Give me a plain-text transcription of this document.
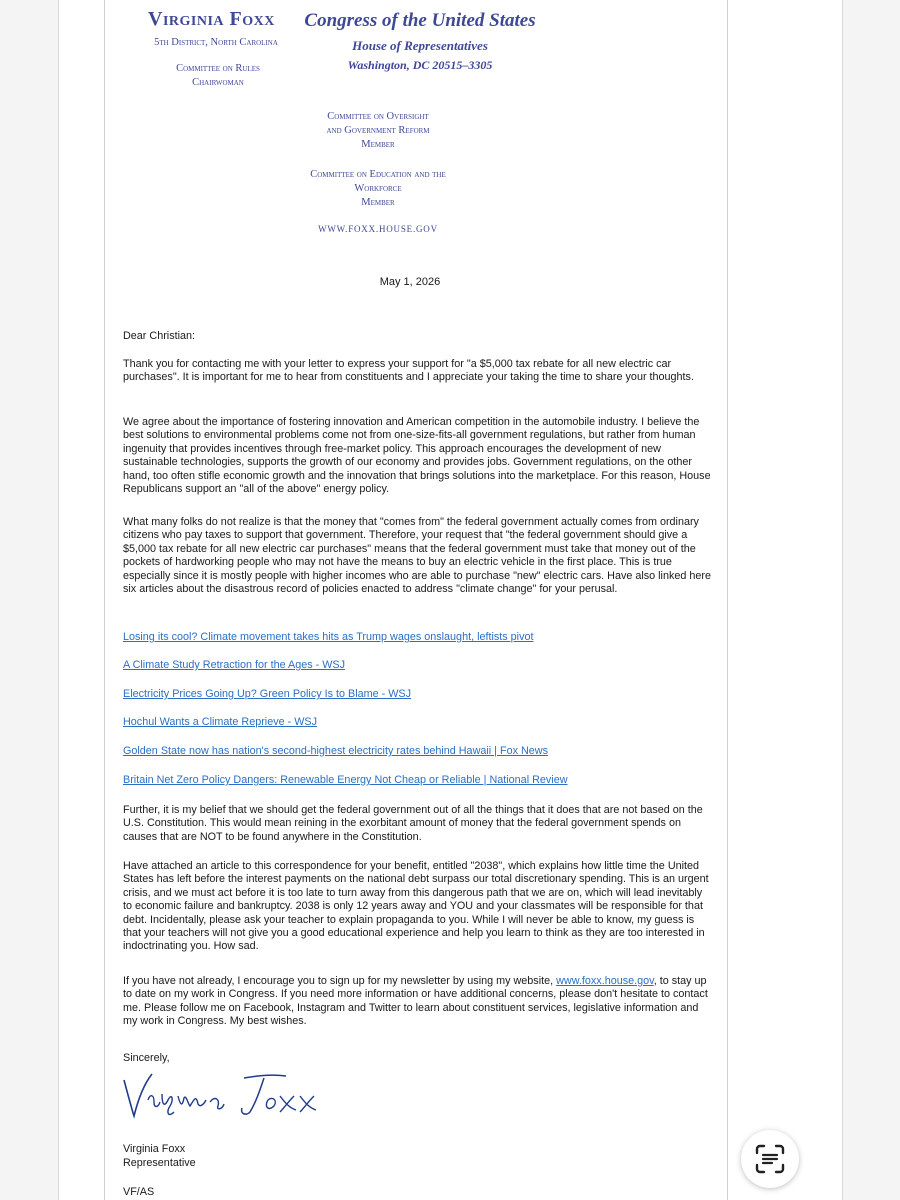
Virginia Foxx
5th District, North Carolina
Committee on Rules
Chairwoman
Congress of the United States
House of Representatives
Washington, DC 20515–3305
Committee on Oversight
and Government Reform
Member
Committee on Education and the
Workforce
Member
WWW.FOXX.HOUSE.GOV
May 1, 2026
Dear Christian:
Thank you for contacting me with your letter to express your support for "a $5,000 tax rebate for all new electric car purchases". It is important for me to hear from constituents and I appreciate your taking the time to share your thoughts.
We agree about the importance of fostering innovation and American competition in the automobile industry. I believe the best solutions to environmental problems come not from one-size-fits-all government regulations, but rather from human ingenuity that provides incentives through free-market policy. This approach encourages the development of new sustainable technologies, supports the growth of our economy and provides jobs. Government regulations, on the other hand, too often stifle economic growth and the innovation that brings solutions into the marketplace. For this reason, House Republicans support an "all of the above" energy policy.
What many folks do not realize is that the money that "comes from" the federal government actually comes from ordinary citizens who pay taxes to support that government. Therefore, your request that "the federal government should give a $5,000 tax rebate for all new electric car purchases" means that the federal government must take that money out of the pockets of hardworking people who may not have the means to buy an electric vehicle in the first place. This is true especially since it is mostly people with higher incomes who are able to purchase "new" electric cars. Have also linked here six articles about the disastrous record of policies enacted to address "climate change" for your perusal.
Losing its cool? Climate movement takes hits as Trump wages onslaught, leftists pivot
A Climate Study Retraction for the Ages - WSJ
Electricity Prices Going Up? Green Policy Is to Blame - WSJ
Hochul Wants a Climate Reprieve - WSJ
Golden State now has nation's second-highest electricity rates behind Hawaii | Fox News
Britain Net Zero Policy Dangers: Renewable Energy Not Cheap or Reliable | National Review
Further, it is my belief that we should get the federal government out of all the things that it does that are not based on the U.S. Constitution. This would mean reining in the exorbitant amount of money that the federal government spends on causes that are NOT to be found anywhere in the Constitution.
Have attached an article to this correspondence for your benefit, entitled "2038", which explains how little time the United States has left before the interest payments on the national debt surpass our total discretionary spending. This is an urgent crisis, and we must act before it is too late to turn away from this dangerous path that we are on, which will lead inevitably to economic failure and bankruptcy. 2038 is only 12 years away and YOU and your classmates will be responsible for that debt. Incidentally, please ask your teacher to explain propaganda to you. While I will never be able to know, my guess is that your teachers will not give you a good educational experience and help you learn to think as they are too interested in indoctrinating you. How sad.
If you have not already, I encourage you to sign up for my newsletter by using my website, www.foxx.house.gov, to stay up to date on my work in Congress. If you need more information or have additional concerns, please don't hesitate to contact me. Please follow me on Facebook, Instagram and Twitter to learn about constituent services, legislative information and my work in Congress. My best wishes.
Sincerely,
Virginia Foxx
Representative
VF/AS
